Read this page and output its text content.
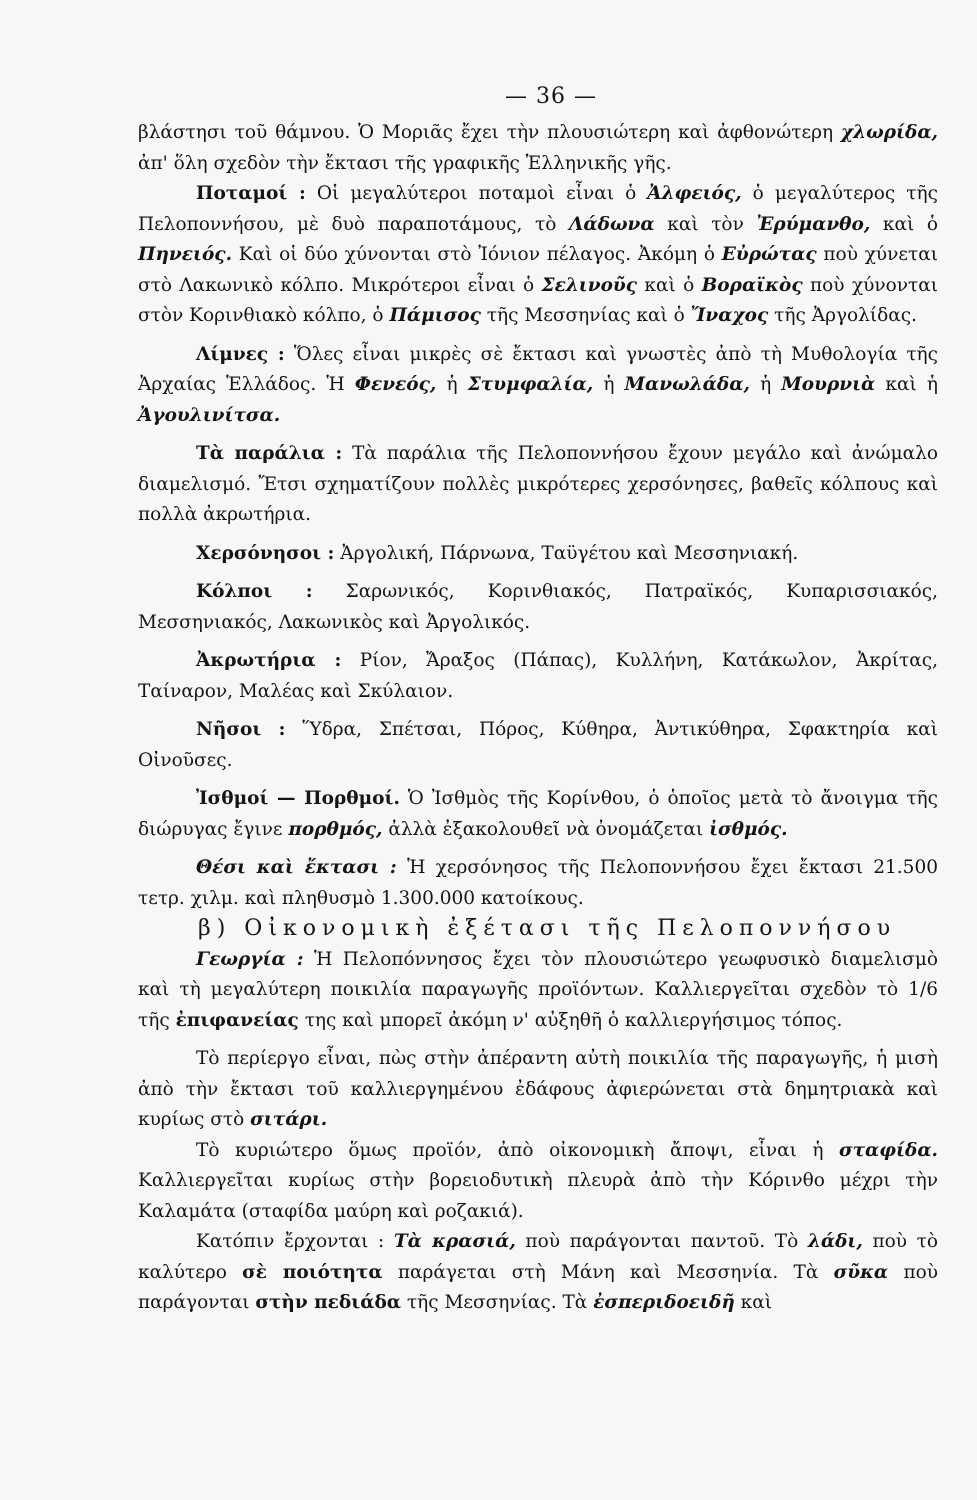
— 36 —

βλάστησι τοῦ θάμνου. Ὁ Μοριᾶς ἔχει τὴν πλουσιώτερη καὶ ἀφθονώτερη χλωρίδα, ἀπ' ὅλη σχεδὸν τὴν ἔκτασι τῆς γραφικῆς Ἑλληνικῆς γῆς.

Ποταμοί : Οἱ μεγαλύτεροι ποταμοὶ εἶναι ὁ Ἀλφειός, ὁ μεγαλύτερος τῆς Πελοποννήσου, μὲ δυὸ παραποτάμους, τὸ Λάδωνα καὶ τὸν Ἐρύμανθο, καὶ ὁ Πηνειός. Καὶ οἱ δύο χύνονται στὸ Ἰόνιον πέλαγος. Ἀκόμη ὁ Εὐρώτας ποὺ χύνεται στὸ Λακωνικὸ κόλπο. Μικρότεροι εἶναι ὁ Σελινοῦς καὶ ὁ Βοραϊκὸς ποὺ χύνονται στὸν Κορινθιακὸ κόλπο, ὁ Πάμισος τῆς Μεσσηνίας καὶ ὁ Ἴναχος τῆς Ἀργολίδας.

Λίμνες : Ὅλες εἶναι μικρὲς σὲ ἔκτασι καὶ γνωστὲς ἀπὸ τὴ Μυθολογία τῆς Ἀρχαίας Ἑλλάδος. Ἡ Φενεός, ἡ Στυμφαλία, ἡ Μανωλάδα, ἡ Μουρνιὰ καὶ ἡ Ἀγουλινίτσα.

Τὰ παράλια : Τὰ παράλια τῆς Πελοποννήσου ἔχουν μεγάλο καὶ ἀνώμαλο διαμελισμό. Ἔτσι σχηματίζουν πολλὲς μικρότερες χερσόνησες, βαθεῖς κόλπους καὶ πολλὰ ἀκρωτήρια.

Χερσόνησοι : Ἀργολική, Πάρνωνα, Ταϋγέτου καὶ Μεσσηνιακή.

Κόλποι : Σαρωνικός, Κορινθιακός, Πατραϊκός, Κυπαρισσιακός, Μεσσηνιακός, Λακωνικὸς καὶ Ἀργολικός.

Ἀκρωτήρια : Ρίον, Ἄραξος (Πάπας), Κυλλήνη, Κατάκωλον, Ἀκρίτας, Ταίναρον, Μαλέας καὶ Σκύλαιον.

Νῆσοι : Ὕδρα, Σπέτσαι, Πόρος, Κύθηρα, Ἀντικύθηρα, Σφακτηρία καὶ Οἰνοῦσες.

Ἰσθμοί — Πορθμοί. Ὁ Ἰσθμὸς τῆς Κορίνθου, ὁ ὁποῖος μετὰ τὸ ἄνοιγμα τῆς διώρυγας ἔγινε πορθμός, ἀλλὰ ἐξακολουθεῖ νὰ ὀνομάζεται ἰσθμός.

Θέσι καὶ ἔκτασι : Ἡ χερσόνησος τῆς Πελοποννήσου ἔχει ἔκτασι 21.500 τετρ. χιλμ. καὶ πληθυσμὸ 1.300.000 κατοίκους.

β) Οἰκονομικὴ ἐξέτασι τῆς Πελοποννήσου

Γεωργία : Ἡ Πελοπόννησος ἔχει τὸν πλουσιώτερο γεωφυσικὸ διαμελισμὸ καὶ τὴ μεγαλύτερη ποικιλία παραγωγῆς προϊόντων. Καλλιεργεῖται σχεδὸν τὸ 1/6 τῆς ἐπιφανείας της καὶ μπορεῖ ἀκόμη ν' αὐξηθῆ ὁ καλλιεργήσιμος τόπος.

Τὸ περίεργο εἶναι, πὼς στὴν ἀπέραντη αὐτὴ ποικιλία τῆς παραγωγῆς, ἡ μισὴ ἀπὸ τὴν ἔκτασι τοῦ καλλιεργημένου ἐδάφους ἀφιερώνεται στὰ δημητριακὰ καὶ κυρίως στὸ σιτάρι.

Τὸ κυριώτερο ὅμως προϊόν, ἀπὸ οἰκονομικὴ ἄποψι, εἶναι ἡ σταφίδα. Καλλιεργεῖται κυρίως στὴν βορειοδυτικὴ πλευρὰ ἀπὸ τὴν Κόρινθο μέχρι τὴν Καλαμάτα (σταφίδα μαύρη καὶ ροζακιά).

Κατόπιν ἔρχονται : Τὰ κρασιά, ποὺ παράγονται παντοῦ. Τὸ λάδι, ποὺ τὸ καλύτερο σὲ ποιότητα παράγεται στὴ Μάνη καὶ Μεσσηνία. Τὰ σῦκα ποὺ παράγονται στὴν πεδιάδα τῆς Μεσσηνίας. Τὰ ἐσπεριδοειδῆ καὶ
